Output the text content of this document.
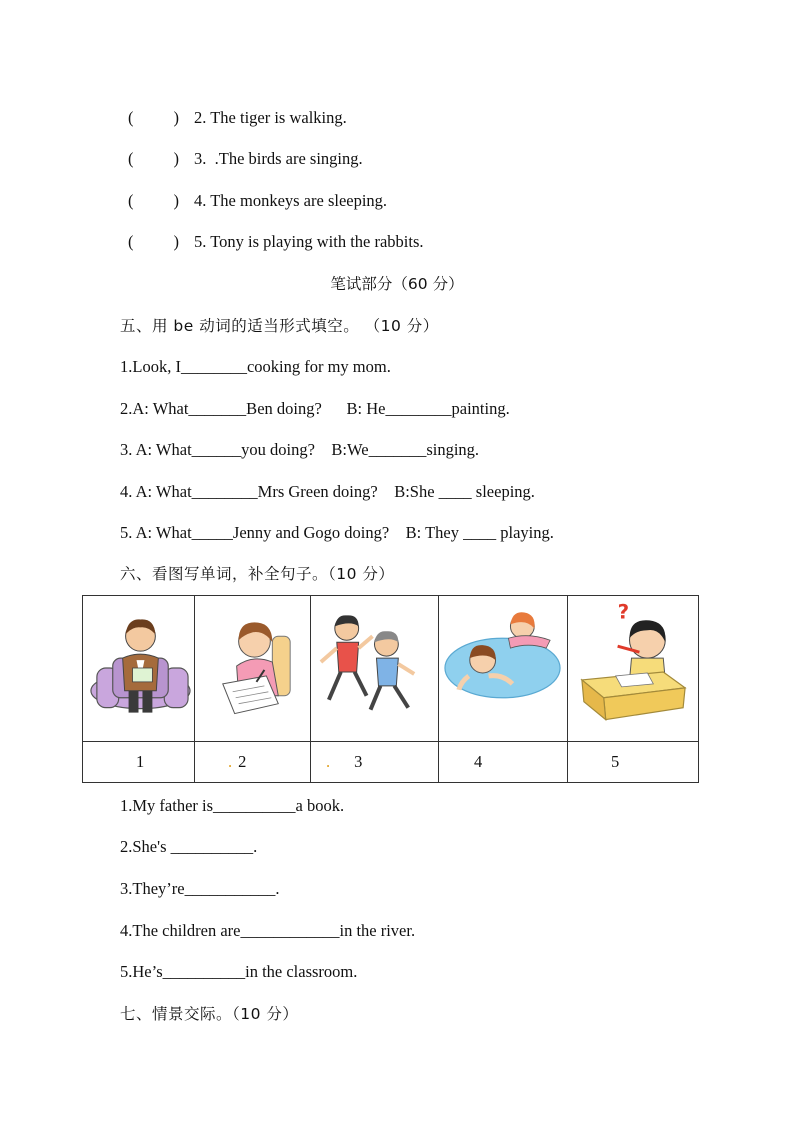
( ) 2. The tiger is walking.
( ) 3.  .The birds are singing.
( ) 4. The monkeys are sleeping.
( ) 5. Tony is playing with the rabbits.
笔试部分（60 分）
五、用 be 动词的适当形式填空。 （10 分）
1.Look, I________cooking for my mom.
2.A: What_______Ben doing?      B: He________painting.
3. A: What______you doing?    B:We_______singing.
4. A: What________Mrs Green doing?    B:She ____ sleeping.
5. A: What_____Jenny and Gogo doing?    B: They ____ playing.
六、看图写单词，补全句子。（10 分）

?

1	. 2	. 3	4	5
1.My father is__________a book.
2.She's __________.
3.They’re___________.
4.The children are____________in the river.
5.He’s__________in the classroom.
七、情景交际。（10 分）
